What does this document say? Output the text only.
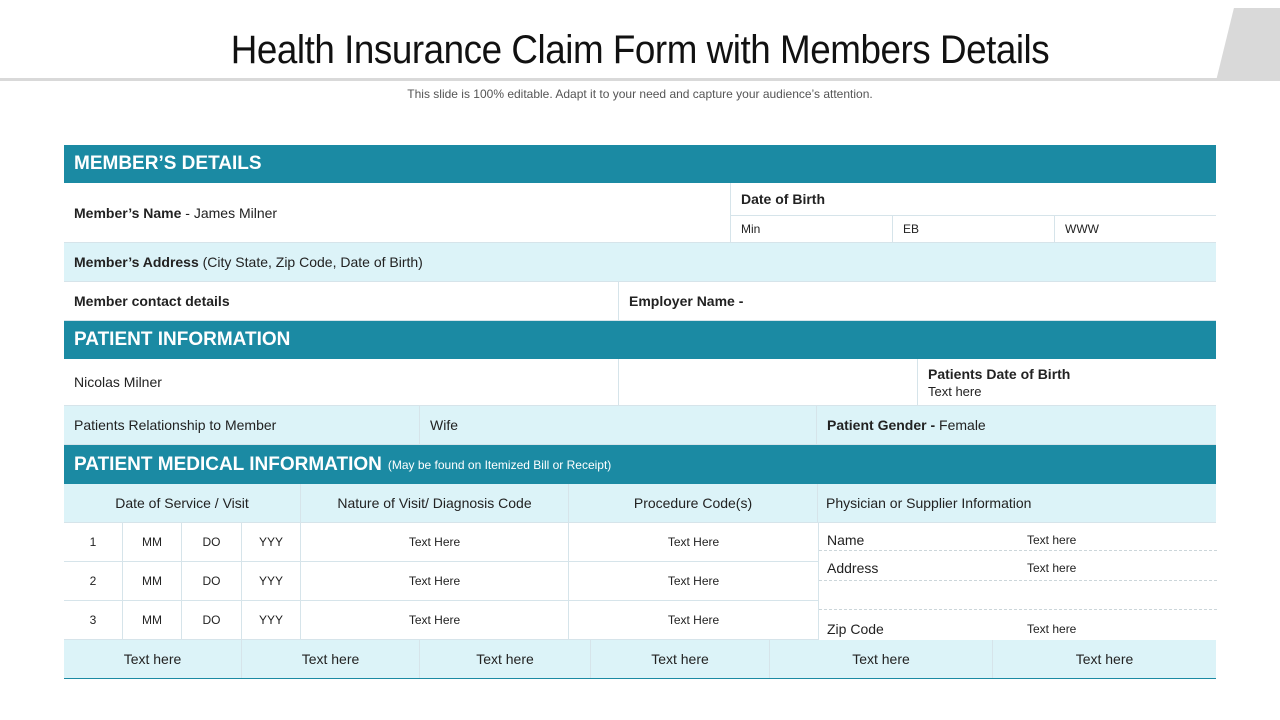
Health Insurance Claim Form with Members Details
This slide is 100% editable. Adapt it to your need and capture your audience’s attention.
MEMBER’S DETAILS
Member’s Name - James Milner
Date of Birth
Min	EB	WWW
Member’s Address (City State, Zip Code, Date of Birth)
Member contact details	Employer Name -
PATIENT INFORMATION
Nicolas Milner
Patients Date of Birth
Text here
Patients Relationship to Member	Wife	Patient Gender - Female
PATIENT MEDICAL INFORMATION (May be found on Itemized Bill or Receipt)
Date of Service / Visit	Nature of Visit/ Diagnosis Code	Procedure Code(s)	Physician or Supplier Information
1	MM	DO	YYY	Text Here	Text Here
2	MM	DO	YYY	Text Here	Text Here
3	MM	DO	YYY	Text Here	Text Here
Name	Text here
Address	Text here
Zip Code	Text here
Text here	Text here	Text here	Text here	Text here	Text here
